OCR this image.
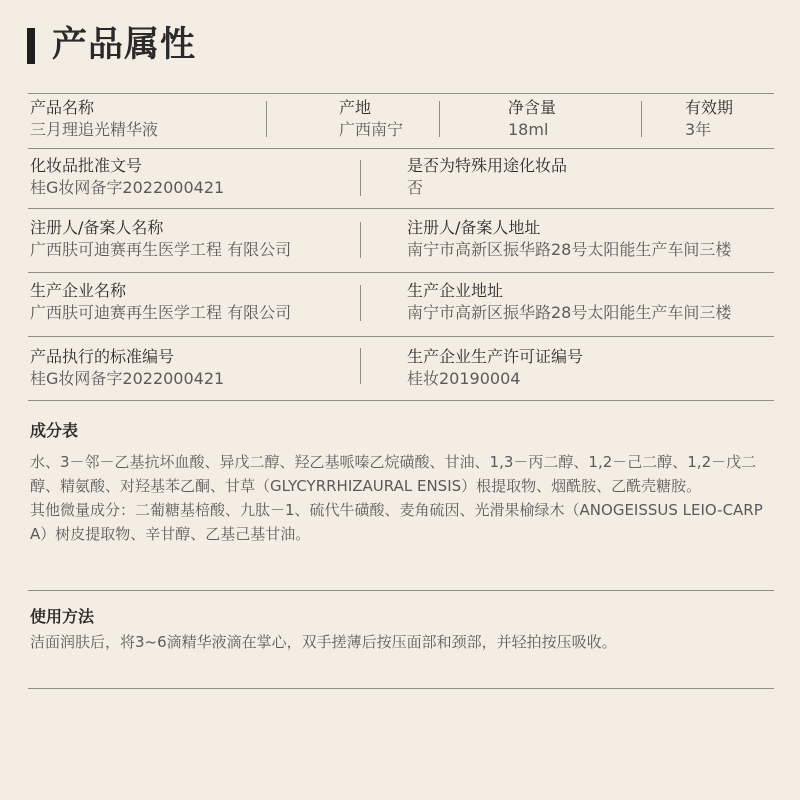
产品属性
产品名称
三月理追光精华液
产地
广西南宁
净含量
18ml
有效期
3年
化妆品批准文号
桂G妆网备字2022000421
是否为特殊用途化妆品
否
注册人/备案人名称
广西肤可迪赛再生医学工程 有限公司
注册人/备案人地址
南宁市高新区振华路28号太阳能生产车间三楼
生产企业名称
广西肤可迪赛再生医学工程 有限公司
生产企业地址
南宁市高新区振华路28号太阳能生产车间三楼
产品执行的标准编号
桂G妆网备字2022000421
生产企业生产许可证编号
桂妆20190004
成分表

水、3－邻－乙基抗坏血酸、异戊二醇、羟乙基哌嗪乙烷磺酸、甘油、1,3－丙二醇、1,2－己二醇、1,2－戊二醇、精氨酸、对羟基苯乙酮、甘草（GLYCYRRHIZAURAL ENSIS）根提取物、烟酰胺、乙酰壳糖胺。

其他微量成分：二葡糖基棓酸、九肽－1、硫代牛磺酸、麦角硫因、光滑果榆绿木（ANOGEISSUS LEIO-CARPA）树皮提取物、辛甘醇、乙基己基甘油。

使用方法

洁面润肤后，将3~6滴精华液滴在掌心，双手搓薄后按压面部和颈部，并轻拍按压吸收。
